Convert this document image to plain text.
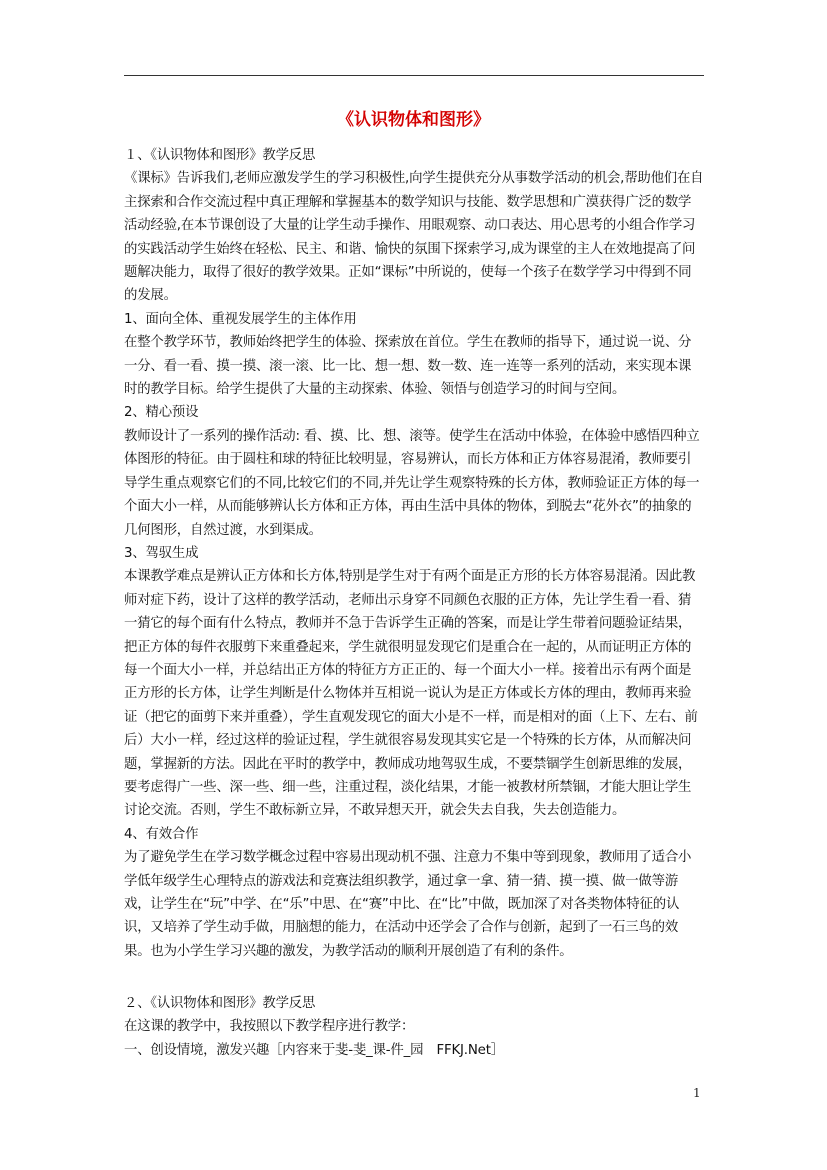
《认识物体和图形》

１、《认识物体和图形》教学反思

《课标》告诉我们,老师应激发学生的学习积极性,向学生提供充分从事数学活动的机会,帮助他们在自主探索和合作交流过程中真正理解和掌握基本的数学知识与技能、数学思想和广漠获得广泛的数学活动经验,在本节课创设了大量的让学生动手操作、用眼观察、动口表达、用心思考的小组合作学习的实践活动学生始终在轻松、民主、和谐、愉快的氛围下探索学习,成为课堂的主人在效地提高了问题解决能力，取得了很好的教学效果。正如“课标”中所说的，使每一个孩子在数学学习中得到不同的发展。

1、面向全体、重视发展学生的主体作用

在整个教学环节，教师始终把学生的体验、探索放在首位。学生在教师的指导下，通过说一说、分一分、看一看、摸一摸、滚一滚、比一比、想一想、数一数、连一连等一系列的活动，来实现本课时的教学目标。给学生提供了大量的主动探索、体验、领悟与创造学习的时间与空间。

2、精心预设

教师设计了一系列的操作活动: 看、摸、比、想、滚等。使学生在活动中体验，在体验中感悟四种立体图形的特征。由于圆柱和球的特征比较明显，容易辨认，而长方体和正方体容易混淆，教师要引导学生重点观察它们的不同,比较它们的不同,并先让学生观察特殊的长方体，教师验证正方体的每一个面大小一样，从而能够辨认长方体和正方体，再由生活中具体的物体，到脱去“花外衣”的抽象的几何图形，自然过渡，水到渠成。

3、驾驭生成

本课教学难点是辨认正方体和长方体,特别是学生对于有两个面是正方形的长方体容易混淆。因此教师对症下药，设计了这样的教学活动，老师出示身穿不同颜色衣服的正方体，先让学生看一看、猜一猜它的每个面有什么特点，教师并不急于告诉学生正确的答案，而是让学生带着问题验证结果，把正方体的每件衣服剪下来重叠起来，学生就很明显发现它们是重合在一起的，从而证明正方体的每一个面大小一样，并总结出正方体的特征方方正正的、每一个面大小一样。接着出示有两个面是正方形的长方体，让学生判断是什么物体并互相说一说认为是正方体或长方体的理由，教师再来验证（把它的面剪下来并重叠），学生直观发现它的面大小是不一样，而是相对的面（上下、左右、前后）大小一样，经过这样的验证过程，学生就很容易发现其实它是一个特殊的长方体，从而解决问题，掌握新的方法。因此在平时的教学中，教师成功地驾驭生成，不要禁锢学生创新思维的发展，要考虑得广一些、深一些、细一些，注重过程，淡化结果，才能一被教材所禁锢，才能大胆让学生讨论交流。否则，学生不敢标新立异，不敢异想天开，就会失去自我，失去创造能力。

4、有效合作

为了避免学生在学习数学概念过程中容易出现动机不强、注意力不集中等到现象，教师用了适合小学低年级学生心理特点的游戏法和竞赛法组织教学，通过拿一拿、猜一猜、摸一摸、做一做等游戏，让学生在“玩”中学、在“乐”中思、在“赛”中比、在“比”中做，既加深了对各类物体特征的认识，又培养了学生动手做，用脑想的能力，在活动中还学会了合作与创新，起到了一石三鸟的效果。也为小学生学习兴趣的激发，为教学活动的顺利开展创造了有利的条件。

２、《认识物体和图形》教学反思

在这课的教学中，我按照以下教学程序进行教学：

一、创设情境，激发兴趣［内容来于斐-斐_课-件_园　FFKJ.Net］

1
